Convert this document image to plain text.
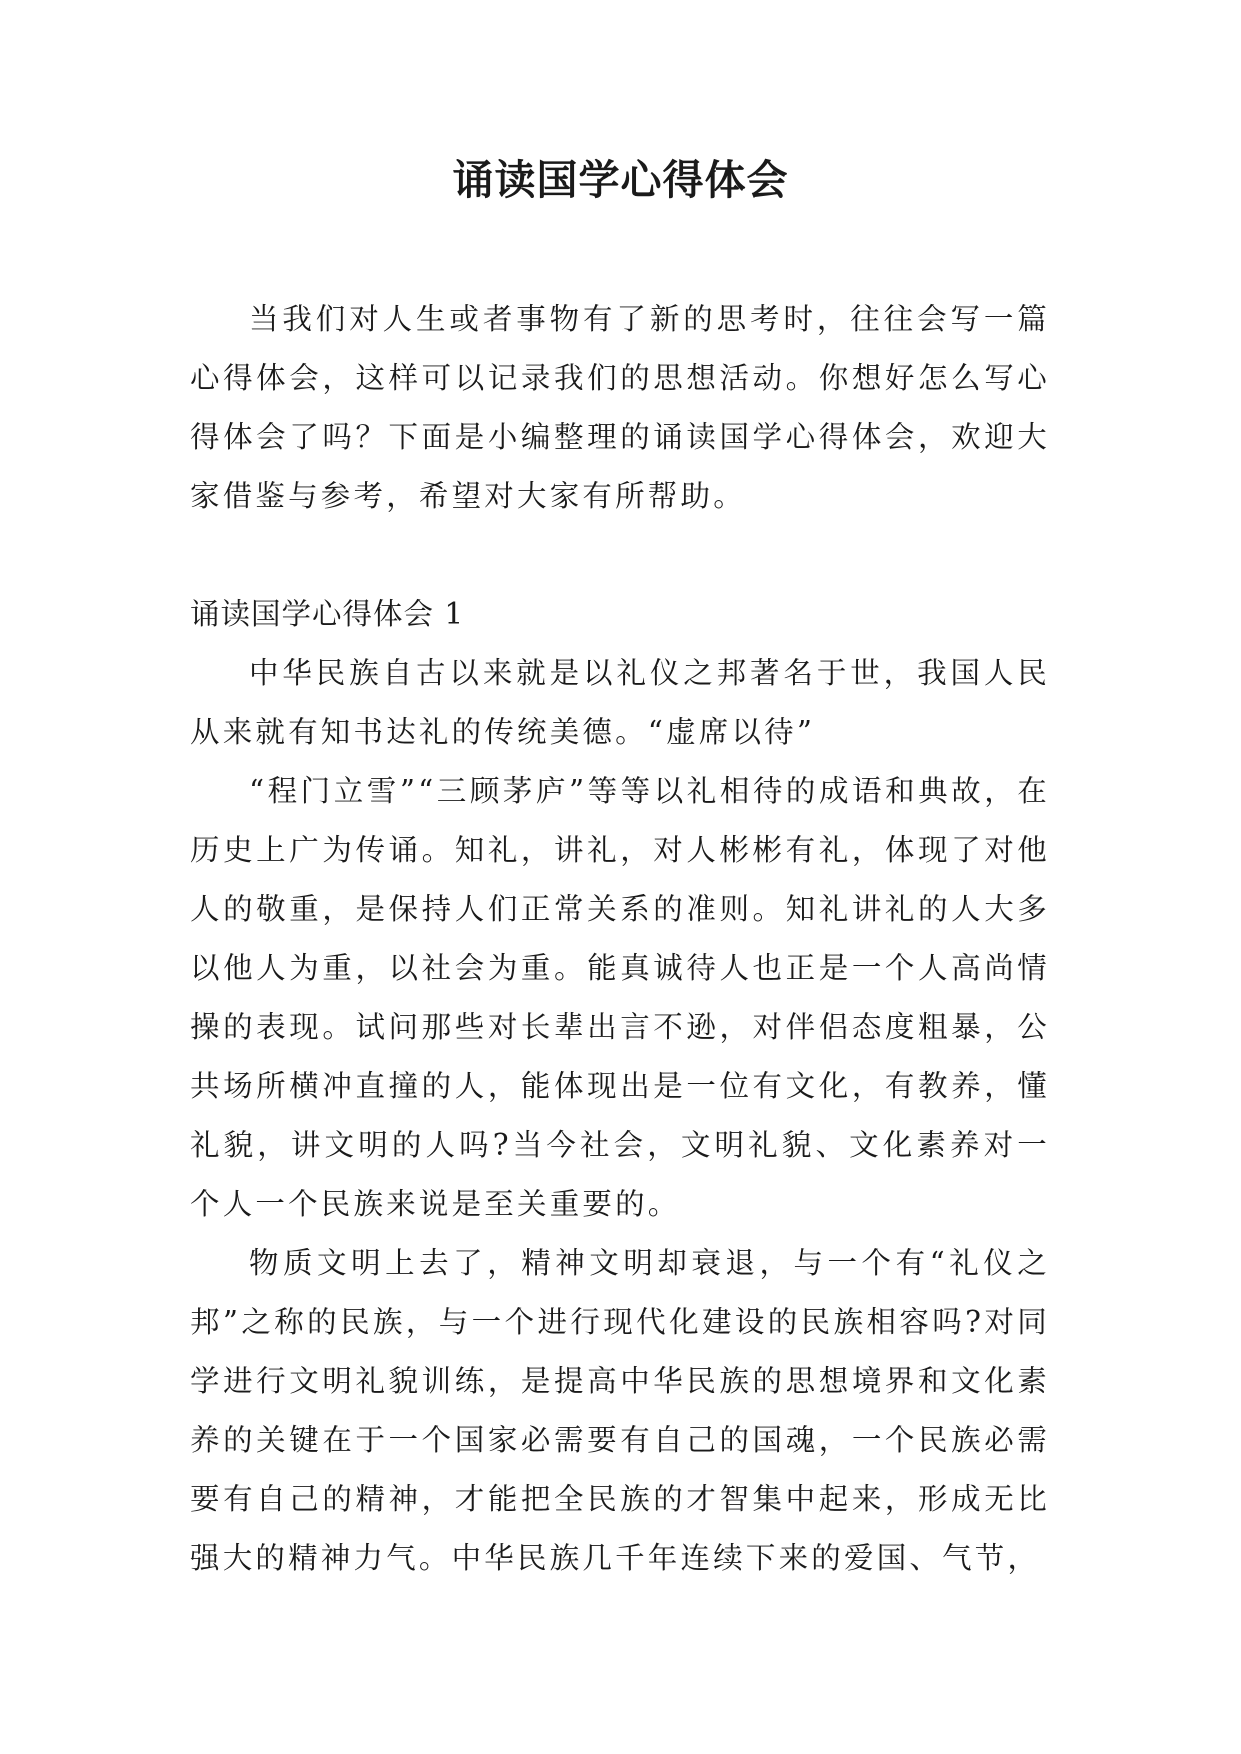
诵读国学心得体会

当我们对人生或者事物有了新的思考时，往往会写一篇心得体会，这样可以记录我们的思想活动。你想好怎么写心得体会了吗？下面是小编整理的诵读国学心得体会，欢迎大家借鉴与参考，希望对大家有所帮助。

诵读国学心得体会 1

中华民族自古以来就是以礼仪之邦著名于世，我国人民从来就有知书达礼的传统美德。“虚席以待”

“程门立雪”“三顾茅庐”等等以礼相待的成语和典故，在历史上广为传诵。知礼，讲礼，对人彬彬有礼，体现了对他人的敬重，是保持人们正常关系的准则。知礼讲礼的人大多以他人为重，以社会为重。能真诚待人也正是一个人高尚情操的表现。试问那些对长辈出言不逊，对伴侣态度粗暴，公共场所横冲直撞的人，能体现出是一位有文化，有教养，懂礼貌，讲文明的人吗?当今社会，文明礼貌、文化素养对一个人一个民族来说是至关重要的。

物质文明上去了，精神文明却衰退，与一个有“礼仪之邦”之称的民族，与一个进行现代化建设的民族相容吗?对同学进行文明礼貌训练，是提高中华民族的思想境界和文化素养的关键在于一个国家必需要有自己的国魂，一个民族必需要有自己的精神，才能把全民族的才智集中起来，形成无比强大的精神力气。中华民族几千年连续下来的爱国、气节，
